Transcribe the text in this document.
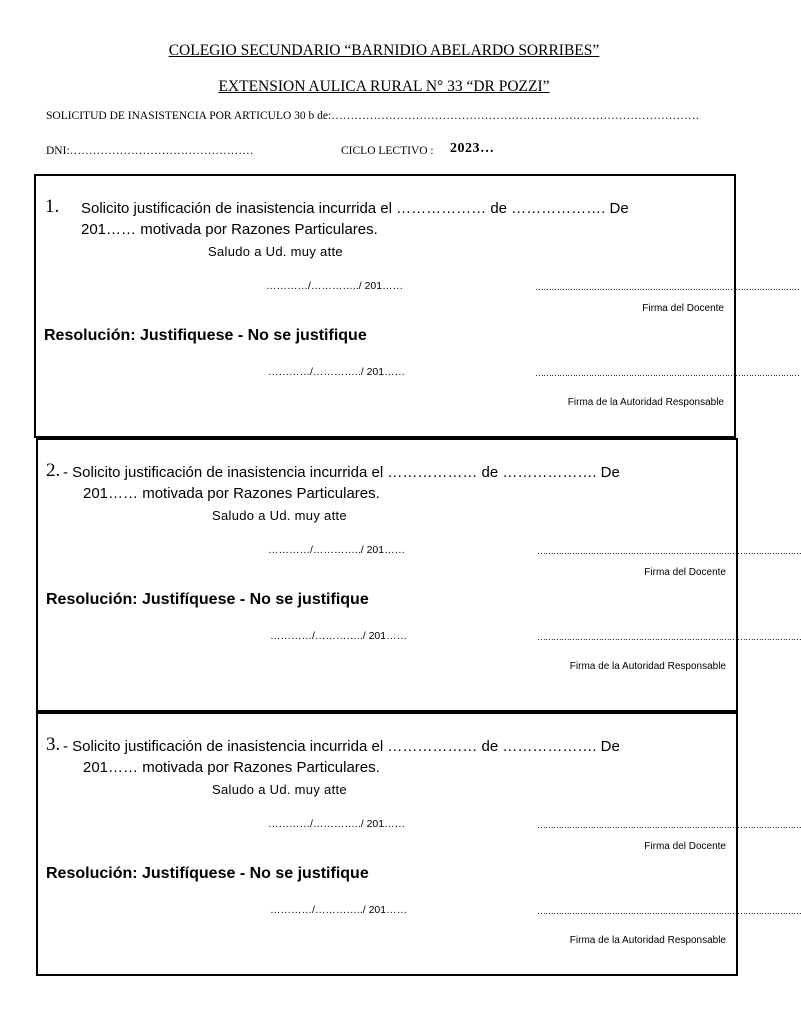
COLEGIO SECUNDARIO “BARNIDIO ABELARDO SORRIBES”
EXTENSION AULICA RURAL N° 33 “DR POZZI”
SOLICITUD DE INASISTENCIA POR ARTICULO 30 b de:……………………………………………………………………………………
DNI:…………………………………………	CICLO LECTIVO : 2023…
1. Solicito justificación de inasistencia incurrida el ……………… de ………………. De
201…… motivada por Razones Particulares.
Saludo a Ud. muy atte
…………/…………../ 201……	………………………………………………………………………………………
Firma del Docente
Resolución: Justifiquese - No se justifique
…………/…………../ 201……	………………………………………………………………………………………
Firma de la Autoridad Responsable
2. - Solicito justificación de inasistencia incurrida el ……………… de ………………. De
201…… motivada por Razones Particulares.
Saludo a Ud. muy atte
…………/…………../ 201……	………………………………………………………………………………………
Firma del Docente
Resolución: Justifíquese - No se justifique
…………/…………../ 201……	………………………………………………………………………………………
Firma de la Autoridad Responsable
3. - Solicito justificación de inasistencia incurrida el ……………… de ………………. De
201…… motivada por Razones Particulares.
Saludo a Ud. muy atte
…………/…………../ 201……	………………………………………………………………………………………
Firma del Docente
Resolución: Justifíquese - No se justifique
…………/…………../ 201……	………………………………………………………………………………………
Firma de la Autoridad Responsable
